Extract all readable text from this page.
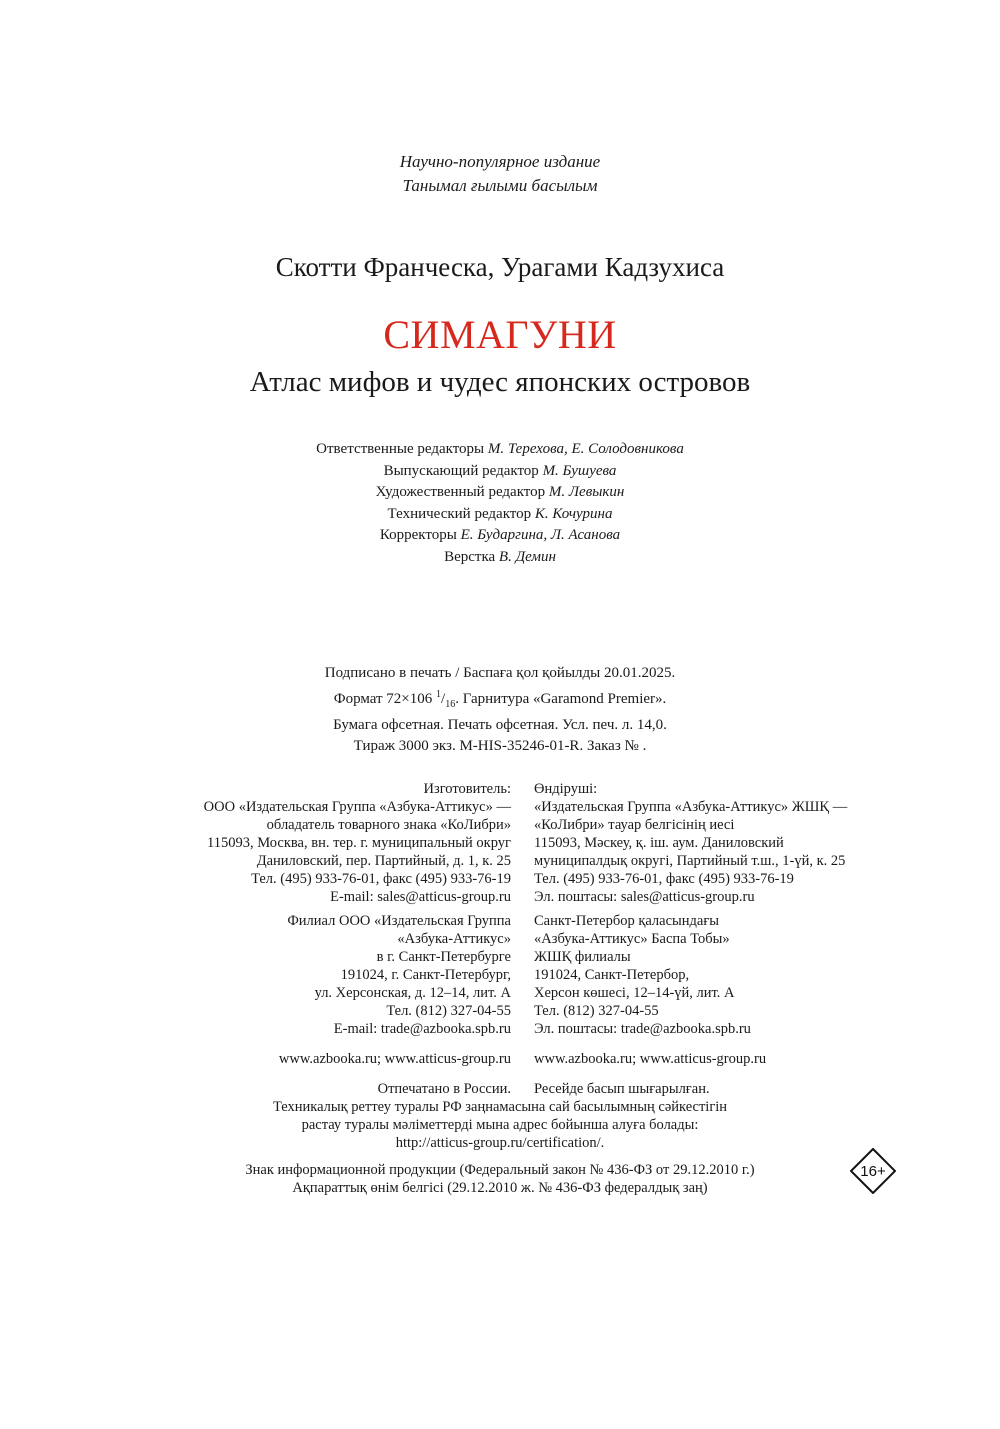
Научно-популярное издание
Танымал ғылыми басылым
Скотти Франческа, Урагами Кадзухиса
СИМАГУНИ
Атлас мифов и чудес японских островов
Ответственные редакторы М. Терехова, Е. Солодовникова
Выпускающий редактор М. Бушуева
Художественный редактор М. Левыкин
Технический редактор К. Кочурина
Корректоры Е. Бударгина, Л. Асанова
Верстка В. Демин
Подписано в печать / Баспаға қол қойылды 20.01.2025.
Формат 72×106 $^1/_{16}$. Гарнитура «Garamond Premier».
Бумага офсетная. Печать офсетная. Усл. печ. л. 14,0.
Тираж 3000 экз. M-HIS-35246-01-R. Заказ № .
Изготовитель:
ООО «Издательская Группа «Азбука-Аттикус» —
обладатель товарного знака «КоЛибри»
115093, Москва, вн. тер. г. муниципальный округ
Даниловский, пер. Партийный, д. 1, к. 25
Тел. (495) 933-76-01, факс (495) 933-76-19
E-mail: sales@atticus-group.ru
Филиал ООО «Издательская Группа
«Азбука-Аттикус»
в г. Санкт-Петербурге
191024, г. Санкт-Петербург,
ул. Херсонская, д. 12–14, лит. А
Тел. (812) 327-04-55
E-mail: trade@azbooka.spb.ru
www.azbooka.ru; www.atticus-group.ru
Отпечатано в России.
Өндіруші:
«Издательская Группа «Азбука-Аттикус» ЖШҚ —
«КоЛибри» тауар белгісінің иесі
115093, Мәскеу, қ. іш. аум. Даниловский
муниципалдық округі, Партийный т.ш., 1-үй, к. 25
Тел. (495) 933-76-01, факс (495) 933-76-19
Эл. поштасы: sales@atticus-group.ru
Санкт-Петербор қаласындағы
«Азбука-Аттикус» Баспа Тобы»
ЖШҚ филиалы
191024, Санкт-Петербор,
Херсон көшесі, 12–14-үй, лит. А
Тел. (812) 327-04-55
Эл. поштасы: trade@azbooka.spb.ru
www.azbooka.ru; www.atticus-group.ru
Ресейде басып шығарылған.
Техникалық реттеу туралы РФ заңнамасына сай басылымның сәйкестігін
растау туралы мәліметтерді мына адрес бойынша алуға болады:
http://atticus-group.ru/certification/.
Знак информационной продукции (Федеральный закон № 436-ФЗ от 29.12.2010 г.)
Ақпараттық өнім белгісі (29.12.2010 ж. № 436-ФЗ федералдық заң)
16+
